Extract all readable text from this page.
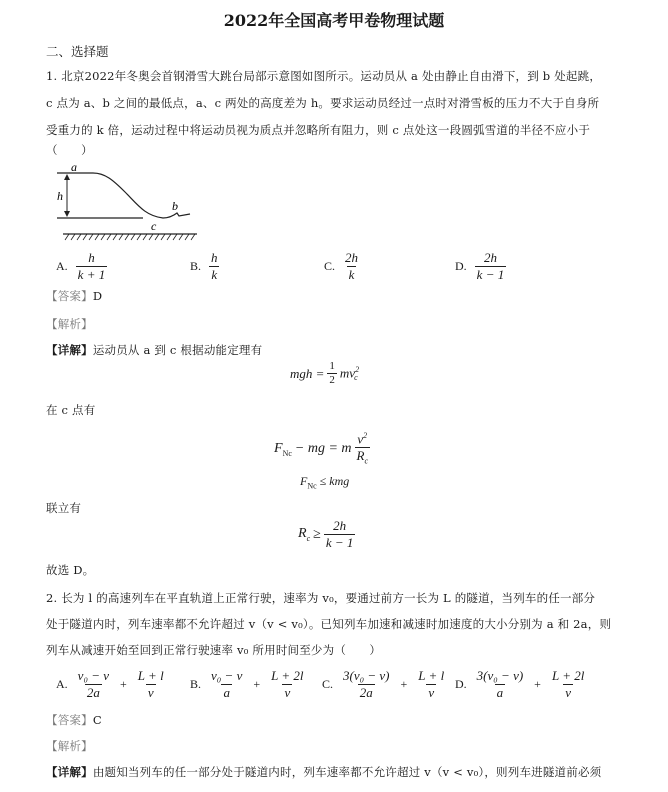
2022年全国高考甲卷物理试题
二、选择题
1. 北京2022年冬奥会首钢滑雪大跳台局部示意图如图所示。运动员从 a 处由静止自由滑下，到 b 处起跳，
c 点为 a、b 之间的最低点，a、c 两处的高度差为 h。要求运动员经过一点时对滑雪板的压力不大于自身所
受重力的 k 倍，运动过程中将运动员视为质点并忽略所有阻力，则 c 点处这一段圆弧雪道的半径不应小于
（　　）
a
h
b
c
A. $\frac{h}{k + 1}$	B. $\frac{h}{k}$	C. $\frac{2h}{k}$	D. $\frac{2h}{k - 1}$
【答案】D
【解析】
【详解】运动员从 a 到 c 根据动能定理有
mgh = $\frac{1}{2} mv^2_c$
在 c 点有
$F_{Nc}$ − mg = m $\frac{v^2}{R_c}$
$F_{Nc}$ ≤ kmg
联立有
$R_c \ge \frac{2h}{k - 1}$
故选 D。
2. 长为 l 的高速列车在平直轨道上正常行驶，速率为 v₀，要通过前方一长为 L 的隧道，当列车的任一部分
处于隧道内时，列车速率都不允许超过 v（v < v₀）。已知列车加速和减速时加速度的大小分别为 a 和 2a，则
列车从减速开始至回到正常行驶速率 v₀ 所用时间至少为（　　）
A. $\frac{\text{v₀ − v}}{2a} + \frac{L + l}{v} B$. $\frac{\text{v₀ − v}}{a} + \frac{L + 2l}{v} C$. $\frac{\text{3(v₀ − v)}}{2a} + \frac{L + l}{v} D$. $\frac{\text{3(v₀ − v)}}{a} + \frac{L + 2l}{v}$
【答案】C
【解析】
【详解】由题知当列车的任一部分处于隧道内时，列车速率都不允许超过 v（v < v₀），则列车进隧道前必须
